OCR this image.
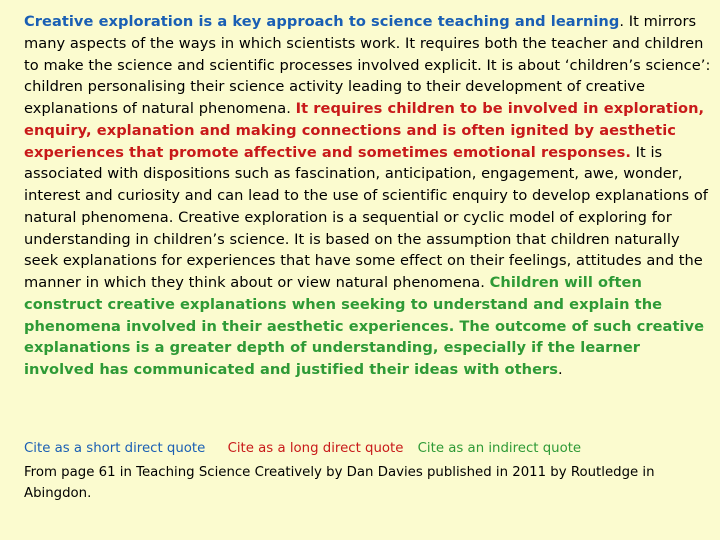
Creative exploration is a key approach to science teaching and learning. It mirrors many aspects of the ways in which scientists work. It requires both the teacher and children to make the science and scientific processes involved explicit. It is about ‘children’s science’: children personalising their science activity leading to their development of creative explanations of natural phenomena. It requires children to be involved in exploration, enquiry, explanation and making connections and is often ignited by aesthetic experiences that promote affective and sometimes emotional responses. It is associated with dispositions such as fascination, anticipation, engagement, awe, wonder, interest and curiosity and can lead to the use of scientific enquiry to develop explanations of natural phenomena. Creative exploration is a sequential or cyclic model of exploring for understanding in children’s science. It is based on the assumption that children naturally seek explanations for experiences that have some effect on their feelings, attitudes and the manner in which they think about or view natural phenomena. Children will often construct creative explanations when seeking to understand and explain the phenomena involved in their aesthetic experiences. The outcome of such creative explanations is a greater depth of understanding, especially if the learner involved has communicated and justified their ideas with others.
Cite as a short direct quote Cite as a long direct quote Cite as an indirect quote
From page 61 in Teaching Science Creatively by Dan Davies published in 2011 by Routledge in Abingdon.
